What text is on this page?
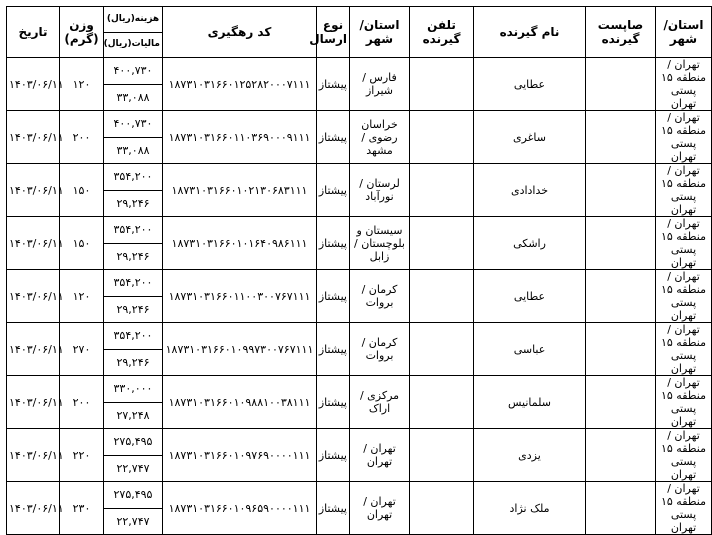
تاریخ	وزن (گرم)	هزینه(ریال)	کد رهگیری	نوع ارسال	استان/ شهر	تلفن گیرنده	نام گیرنده	صاپست گیرنده	استان/ شهر
		مالیات(ریال)							
۱۴۰۳/۰۶/۱۱	۱۲۰	۴۰۰,۷۳۰	۱۸۷۳۱۰۳۱۶۶۰۱۲۵۲۸۲۰۰۰۷۱۱۱	پیشتاز	فارس / شیراز		عطایی		تهران / منطقه ۱۵ پستی تهران
		۳۳,۰۸۸							
۱۴۰۳/۰۶/۱۱	۲۰۰	۴۰۰,۷۳۰	۱۸۷۳۱۰۳۱۶۶۰۱۱۰۳۶۹۰۰۰۹۱۱۱	پیشتاز	خراسان رضوی / مشهد		ساغری		تهران / منطقه ۱۵ پستی تهران
		۳۳,۰۸۸							
۱۴۰۳/۰۶/۱۱	۱۵۰	۳۵۴,۲۰۰	۱۸۷۳۱۰۳۱۶۶۰۱۰۲۱۳۰۶۸۳۱۱۱	پیشتاز	لرستان / نورآباد		خدادادی		تهران / منطقه ۱۵ پستی تهران
		۲۹,۲۴۶							
۱۴۰۳/۰۶/۱۱	۱۵۰	۳۵۴,۲۰۰	۱۸۷۳۱۰۳۱۶۶۰۱۰۱۶۴۰۹۸۶۱۱۱	پیشتاز	سیستان و بلوچستان / زابل		راشکی		تهران / منطقه ۱۵ پستی تهران
		۲۹,۲۴۶							
۱۴۰۳/۰۶/۱۱	۱۲۰	۳۵۴,۲۰۰	۱۸۷۳۱۰۳۱۶۶۰۱۱۰۰۳۰۰۷۶۷۱۱۱	پیشتاز	کرمان / بروات		عطایی		تهران / منطقه ۱۵ پستی تهران
		۲۹,۲۴۶							
۱۴۰۳/۰۶/۱۱	۲۷۰	۳۵۴,۲۰۰	۱۸۷۳۱۰۳۱۶۶۰۱۰۹۹۷۳۰۰۷۶۷۱۱۱	پیشتاز	کرمان / بروات		عباسی		تهران / منطقه ۱۵ پستی تهران
		۲۹,۲۴۶							
۱۴۰۳/۰۶/۱۱	۲۰۰	۳۳۰,۰۰۰	۱۸۷۳۱۰۳۱۶۶۰۱۰۹۸۸۱۰۰۳۸۱۱۱	پیشتاز	مرکزی / اراک		سلمانیس		تهران / منطقه ۱۵ پستی تهران
		۲۷,۲۴۸							
۱۴۰۳/۰۶/۱۱	۲۲۰	۲۷۵,۴۹۵	۱۸۷۳۱۰۳۱۶۶۰۱۰۹۷۶۹۰۰۰۰۱۱۱	پیشتاز	تهران / تهران		یزدی		تهران / منطقه ۱۵ پستی تهران
		۲۲,۷۴۷							
۱۴۰۳/۰۶/۱۱	۲۳۰	۲۷۵,۴۹۵	۱۸۷۳۱۰۳۱۶۶۰۱۰۹۶۵۹۰۰۰۰۱۱۱	پیشتاز	تهران / تهران		ملک نژاد		تهران / منطقه ۱۵ پستی تهران
		۲۲,۷۴۷							
